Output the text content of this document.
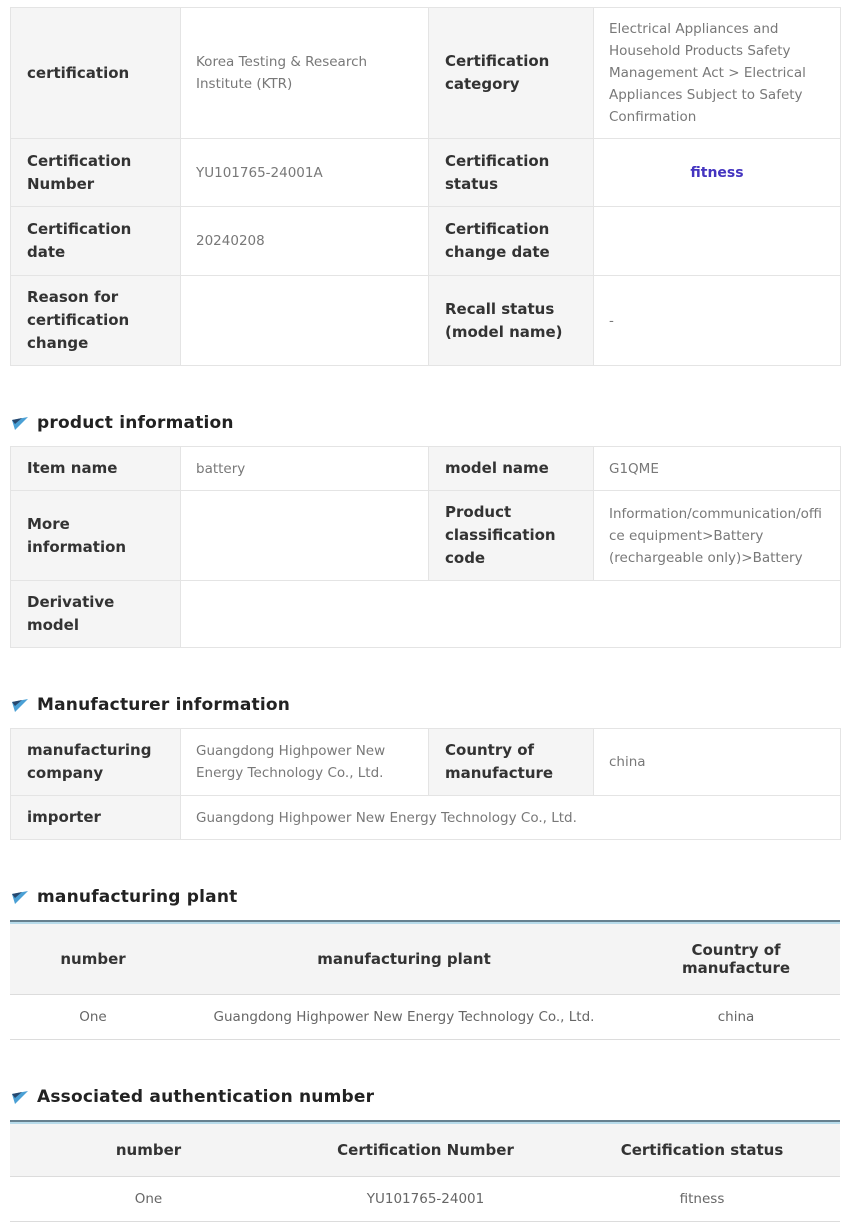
certification	Korea Testing & Research Institute (KTR)	Certification category	Electrical Appliances and Household Products Safety Management Act > Electrical Appliances Subject to Safety Confirmation
Certification Number	YU101765-24001A	Certification status	fitness
Certification date	20240208	Certification change date	
Reason for certification change		Recall status (model name)	-
product information
Item name	battery	model name	G1QME
More information		Product classification code	Information/communication/office equipment>Battery (rechargeable only)>Battery
Derivative model			
Manufacturer information
manufacturing company	Guangdong Highpower New Energy Technology Co., Ltd.	Country of manufacture	china
importer	Guangdong Highpower New Energy Technology Co., Ltd.		
manufacturing plant
number	manufacturing plant	Country of manufacture
One	Guangdong Highpower New Energy Technology Co., Ltd.	china
Associated authentication number
number	Certification Number	Certification status
One	YU101765-24001	fitness
